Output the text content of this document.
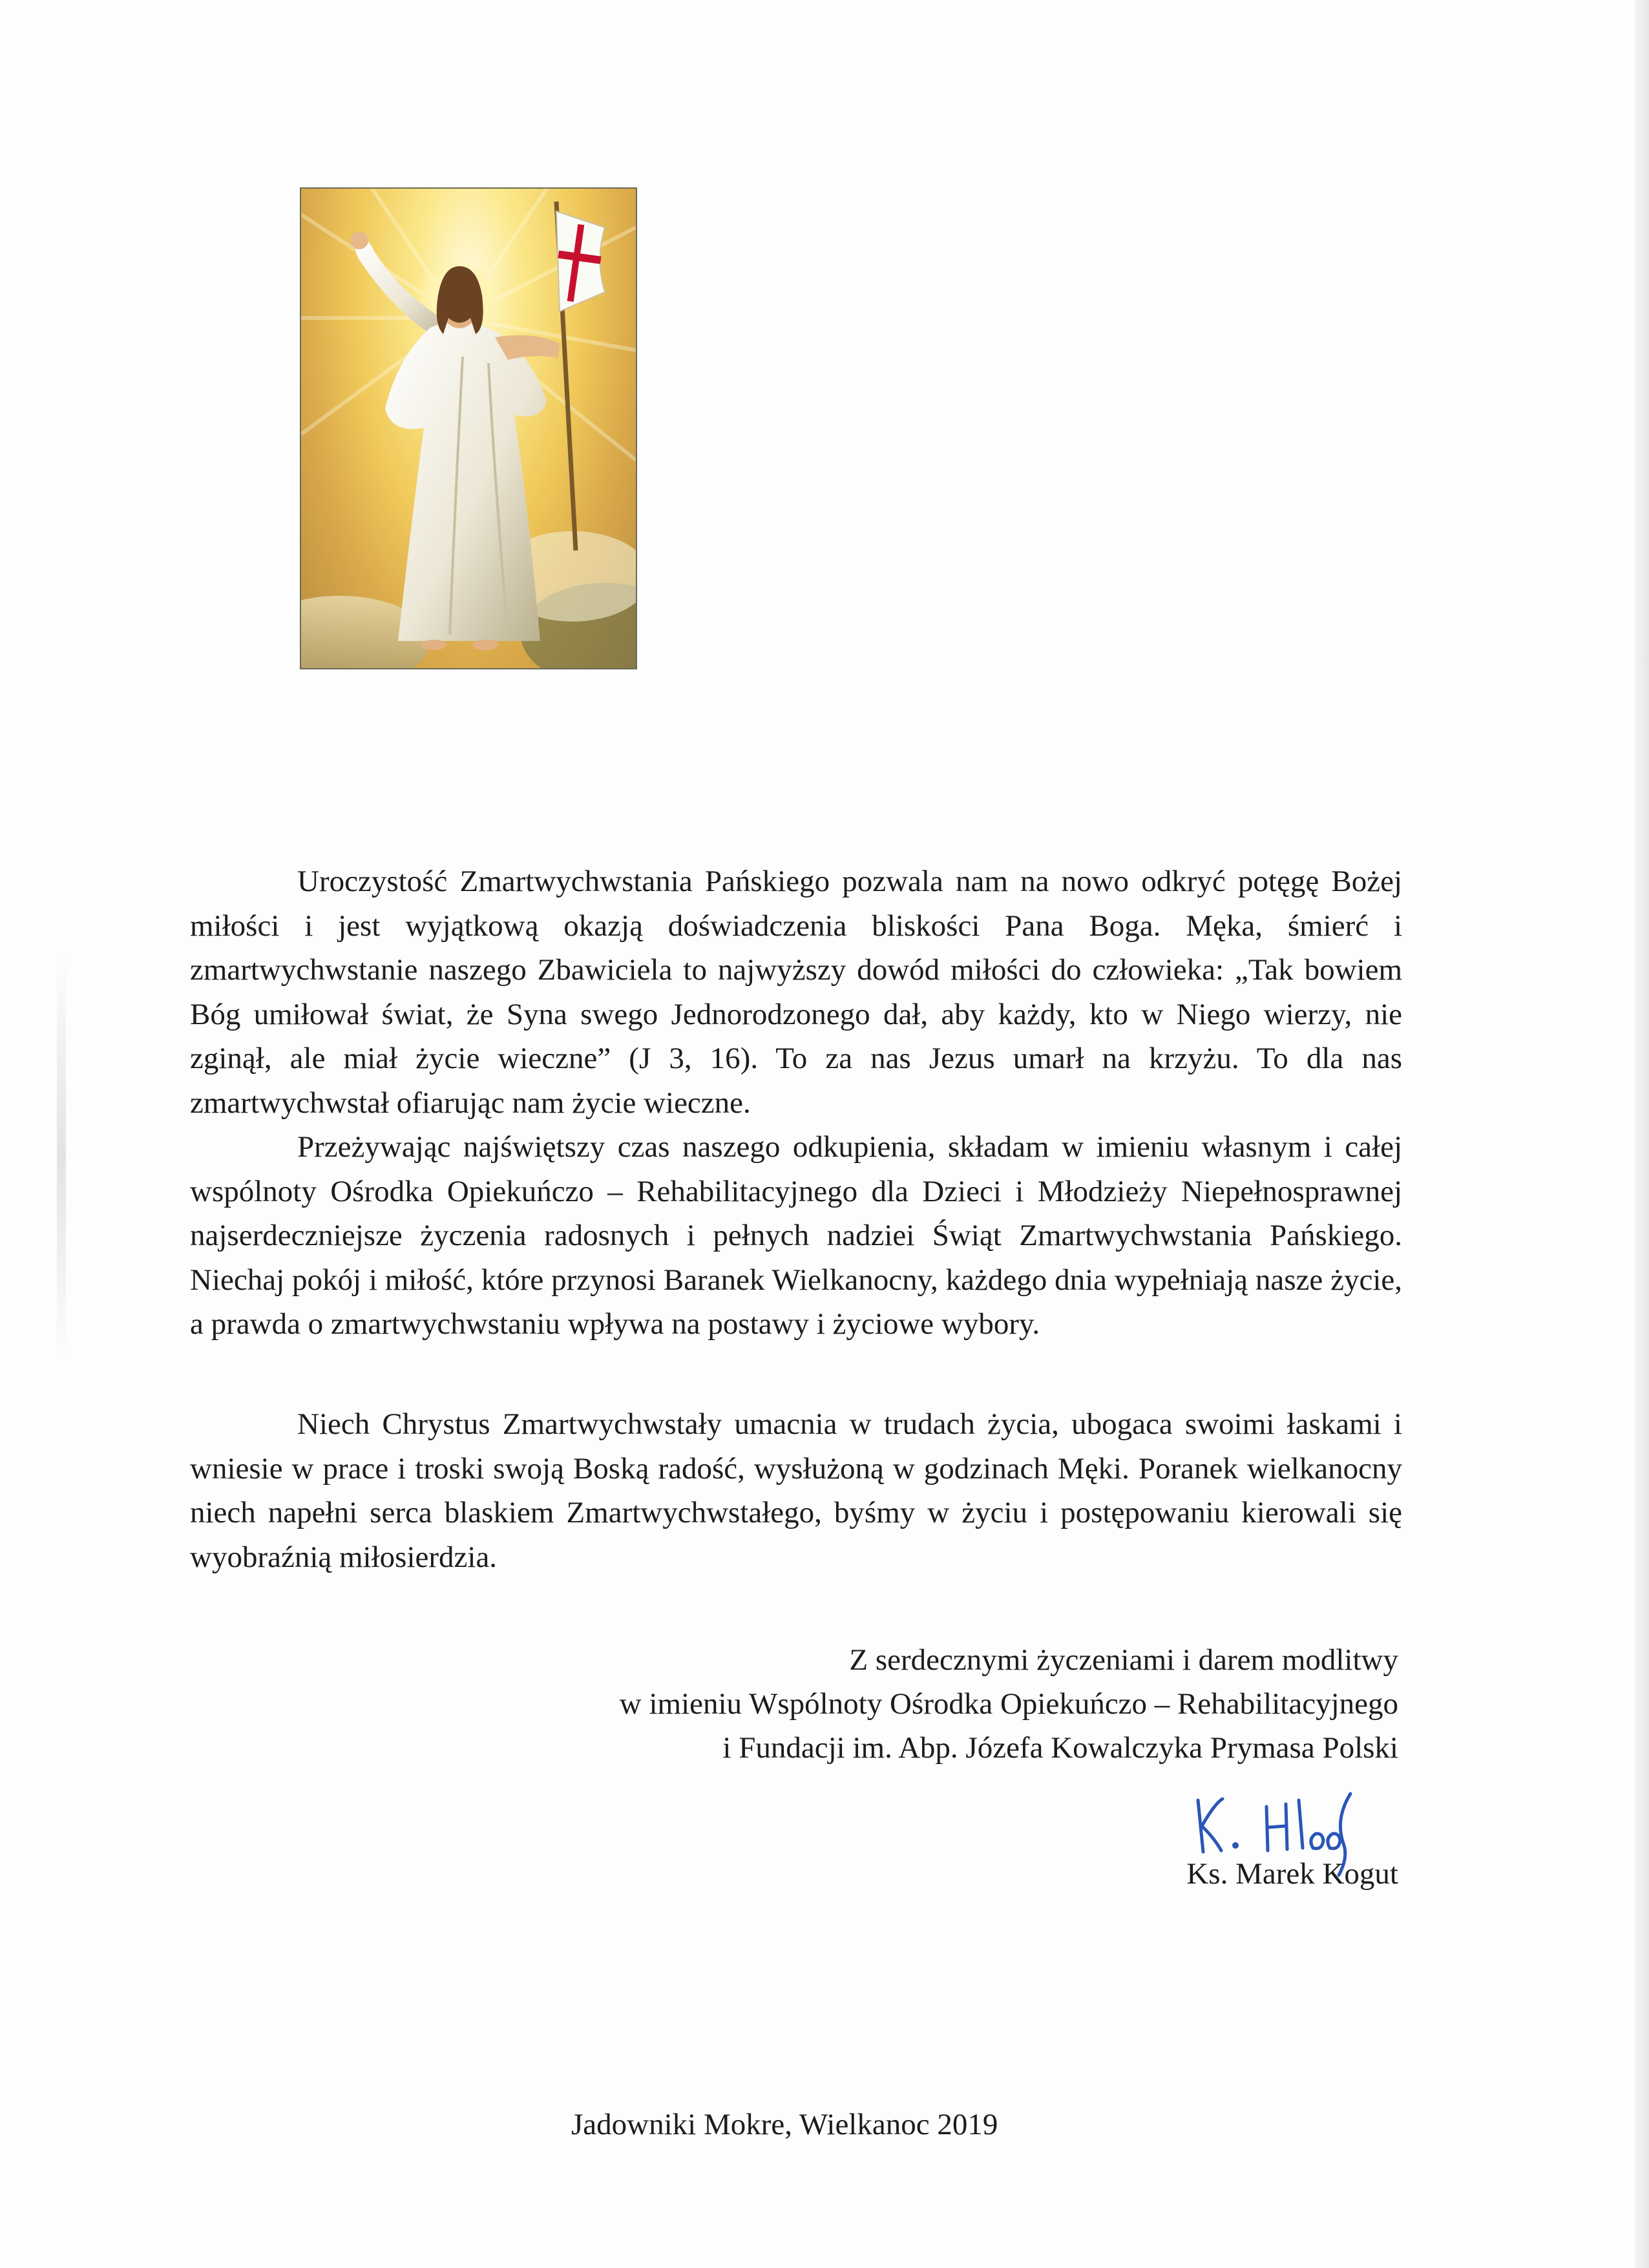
Uroczystość Zmartwychwstania Pańskiego pozwala nam na nowo odkryć potęgę Bożej miłości i jest wyjątkową okazją doświadczenia bliskości Pana Boga. Męka, śmierć i zmartwychwstanie naszego Zbawiciela to najwyższy dowód miłości do człowieka: „Tak bowiem Bóg umiłował świat, że Syna swego Jednorodzonego dał, aby każdy, kto w Niego wierzy, nie zginął, ale miał życie wieczne” (J 3, 16). To za nas Jezus umarł na krzyżu. To dla nas zmartwychwstał ofiarując nam życie wieczne.

Przeżywając najświętszy czas naszego odkupienia, składam w imieniu własnym i całej wspólnoty Ośrodka Opiekuńczo – Rehabilitacyjnego dla Dzieci i Młodzieży Niepełnosprawnej najserdeczniejsze życzenia radosnych i pełnych nadziei Świąt Zmartwychwstania Pańskiego. Niechaj pokój i miłość, które przynosi Baranek Wielkanocny, każdego dnia wypełniają nasze życie, a prawda o zmartwychwstaniu wpływa na postawy i życiowe wybory.

Niech Chrystus Zmartwychwstały umacnia w trudach życia, ubogaca swoimi łaskami i wniesie w prace i troski swoją Boską radość, wysłużoną w godzinach Męki. Poranek wielkanocny niech napełni serca blaskiem Zmartwychwstałego, byśmy w życiu i postępowaniu kierowali się wyobraźnią miłosierdzia.

Z serdecznymi życzeniami i darem modlitwy
w imieniu Wspólnoty Ośrodka Opiekuńczo – Rehabilitacyjnego
i Fundacji im. Abp. Józefa Kowalczyka Prymasa Polski
Ks. Marek Kogut
Jadowniki Mokre, Wielkanoc 2019
